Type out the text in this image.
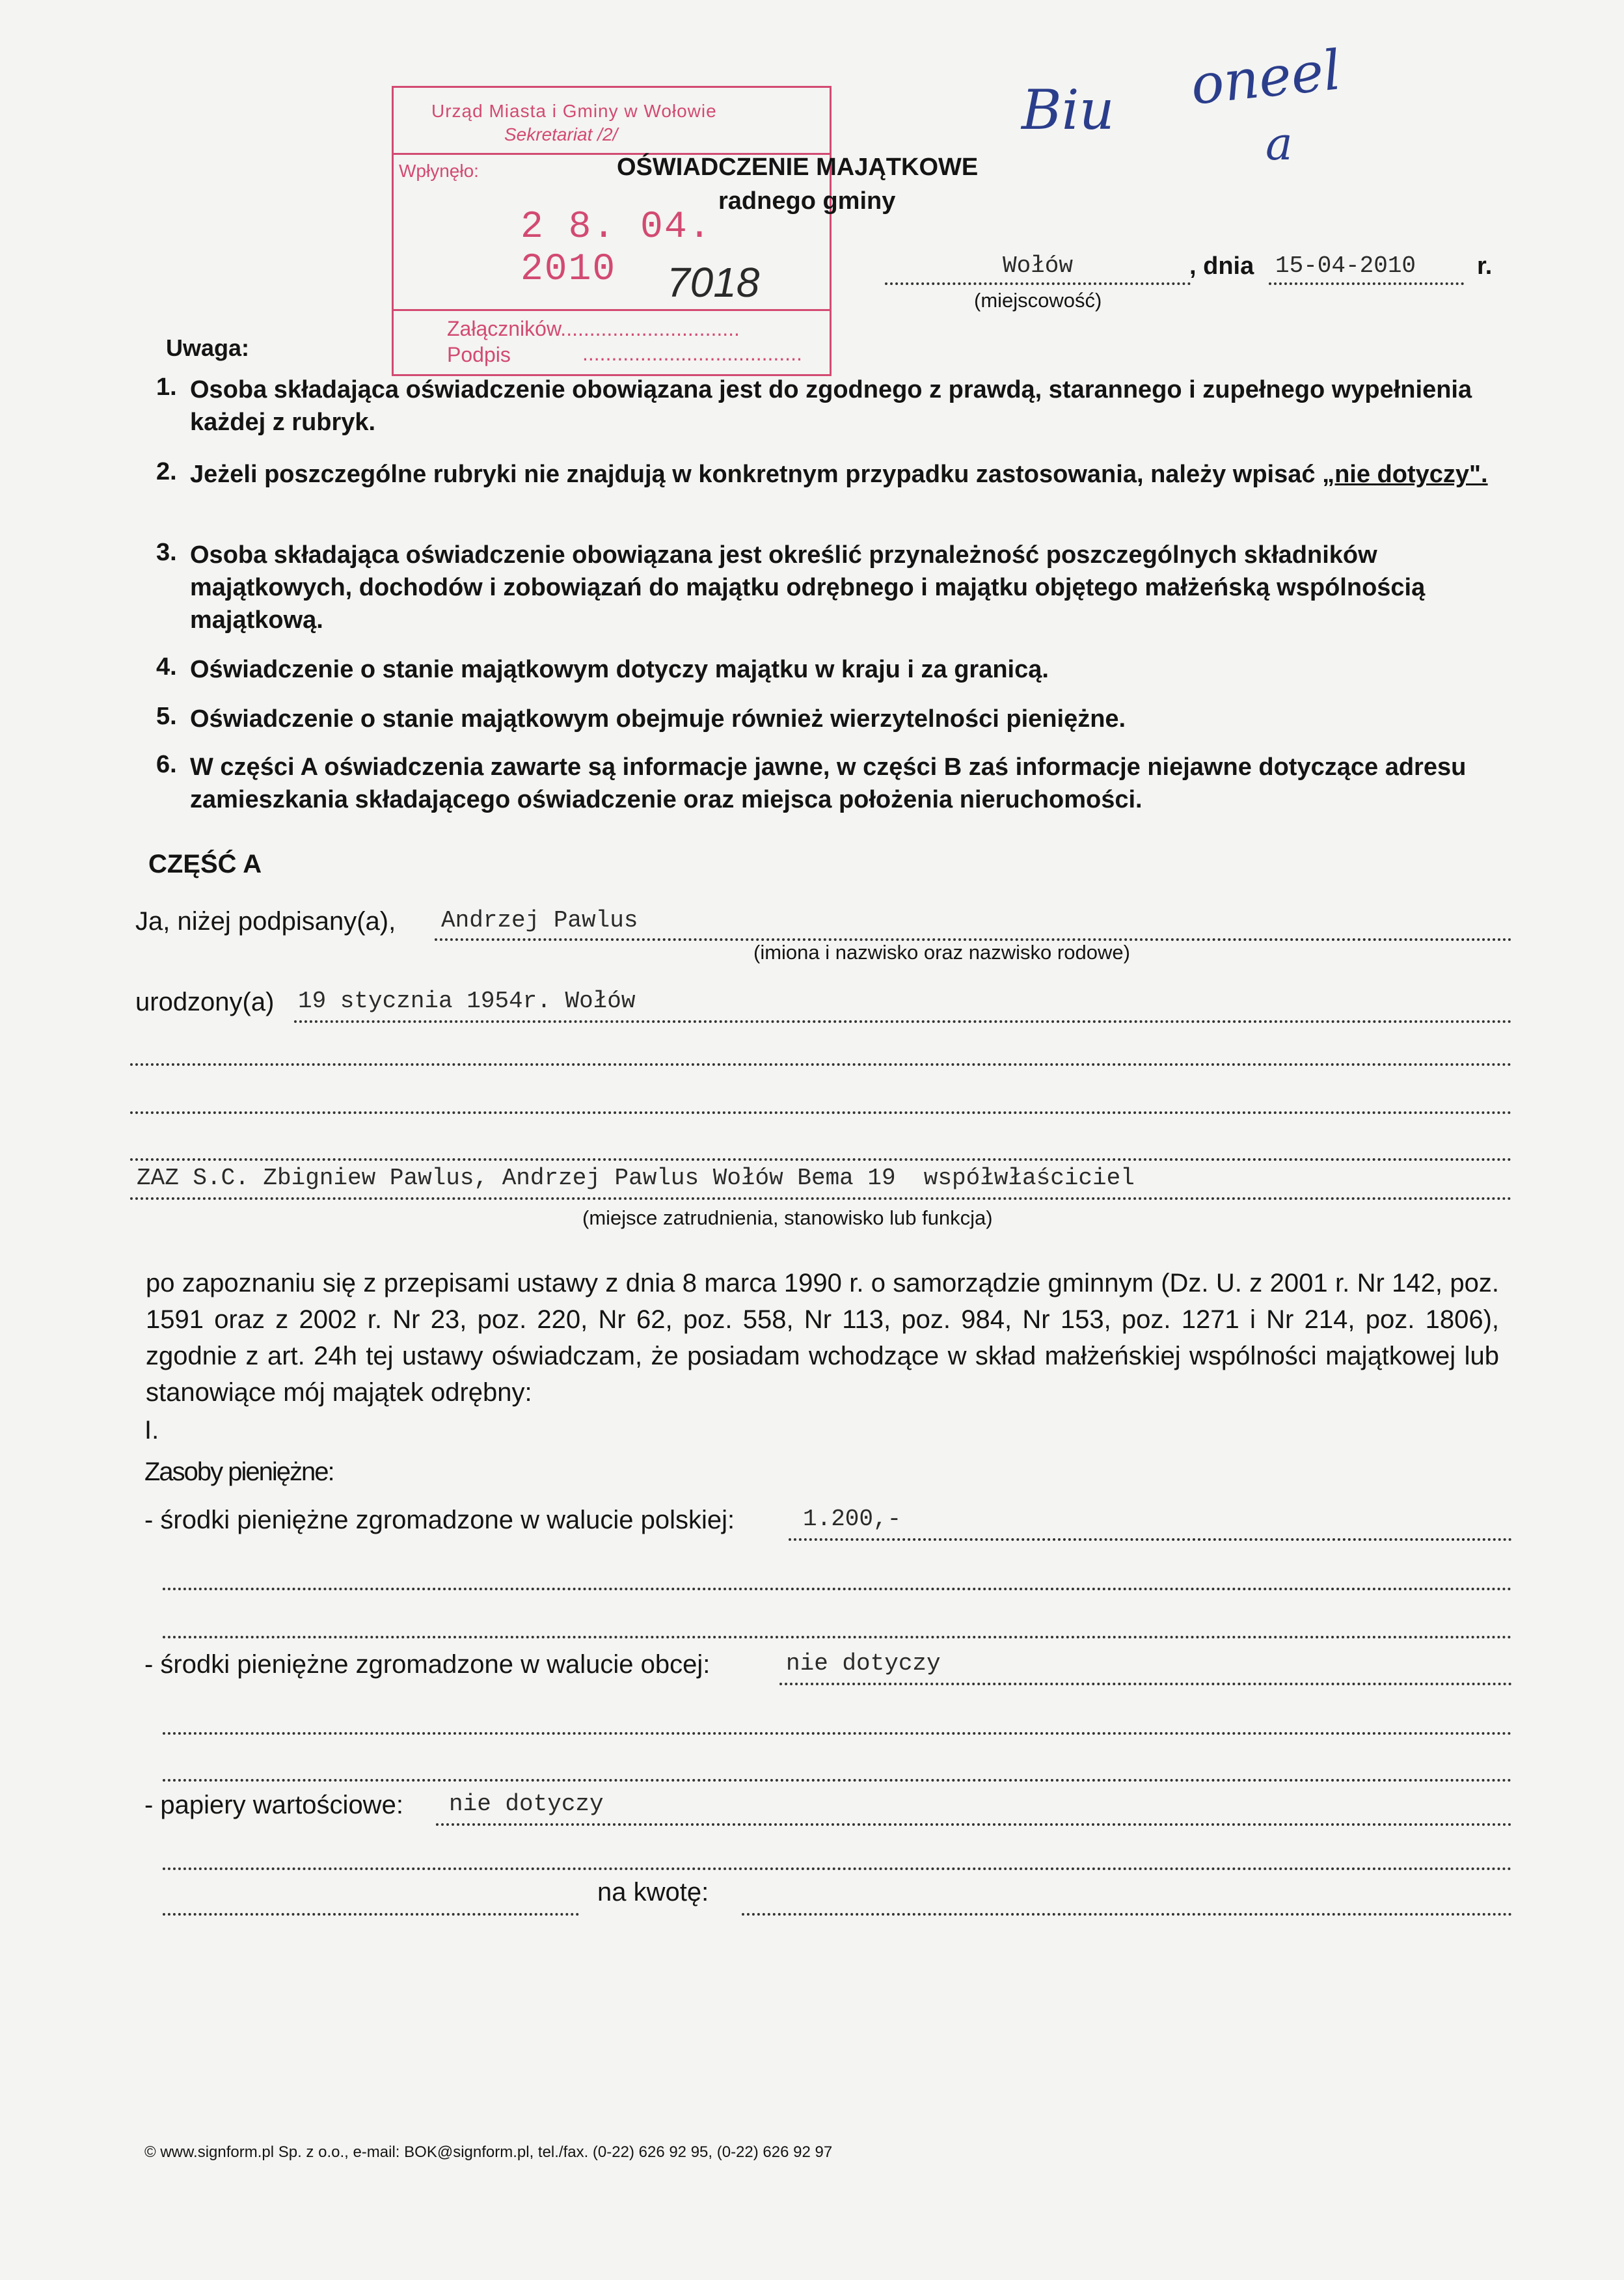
Biu oneel
a
Urząd Miasta i Gminy w Wołowie
Sekretariat /2/
Wpłynęło:
2 8. 04. 2010	7018
Załączników...............................
Podpis	......................................
OŚWIADCZENIE MAJĄTKOWE
radnego gminy
Wołów
(miejscowość)
, dnia 15-04-2010	r.
Uwaga:
1. Osoba składająca oświadczenie obowiązana jest do zgodnego z prawdą, starannego i zupełnego wypełnienia każdej z rubryk.
2. Jeżeli poszczególne rubryki nie znajdują w konkretnym przypadku zastosowania, należy wpisać „nie dotyczy".
3. Osoba składająca oświadczenie obowiązana jest określić przynależność poszczególnych składników majątkowych, dochodów i zobowiązań do majątku odrębnego i majątku objętego małżeńską wspólnością majątkową.
4. Oświadczenie o stanie majątkowym dotyczy majątku w kraju i za granicą.
5. Oświadczenie o stanie majątkowym obejmuje również wierzytelności pieniężne.
6. W części A oświadczenia zawarte są informacje jawne, w części B zaś informacje niejawne dotyczące adresu zamieszkania składającego oświadczenie oraz miejsca położenia nieruchomości.
CZĘŚĆ A
Ja, niżej podpisany(a), Andrzej Pawlus
(imiona i nazwisko oraz nazwisko rodowe)
urodzony(a) 19 stycznia 1954r. Wołów
ZAZ S.C. Zbigniew Pawlus, Andrzej Pawlus Wołów Bema 19  współwłaściciel
(miejsce zatrudnienia, stanowisko lub funkcja)
po zapoznaniu się z przepisami ustawy z dnia 8 marca 1990 r. o samorządzie gminnym (Dz. U. z 2001 r. Nr 142, poz. 1591 oraz z 2002 r. Nr 23, poz. 220, Nr 62, poz. 558, Nr 113, poz. 984, Nr 153, poz. 1271 i Nr 214, poz. 1806), zgodnie z art. 24h tej ustawy oświadczam, że posiadam wchodzące w skład małżeńskiej wspólności majątkowej lub stanowiące mój majątek odrębny:
I.
Zasoby pieniężne:
- środki pieniężne zgromadzone w walucie polskiej:	1.200,-
- środki pieniężne zgromadzone w walucie obcej:	nie dotyczy
- papiery wartościowe:	nie dotyczy
na kwotę:
© www.signform.pl Sp. z o.o., e-mail: BOK@signform.pl, tel./fax. (0-22) 626 92 95, (0-22) 626 92 97
